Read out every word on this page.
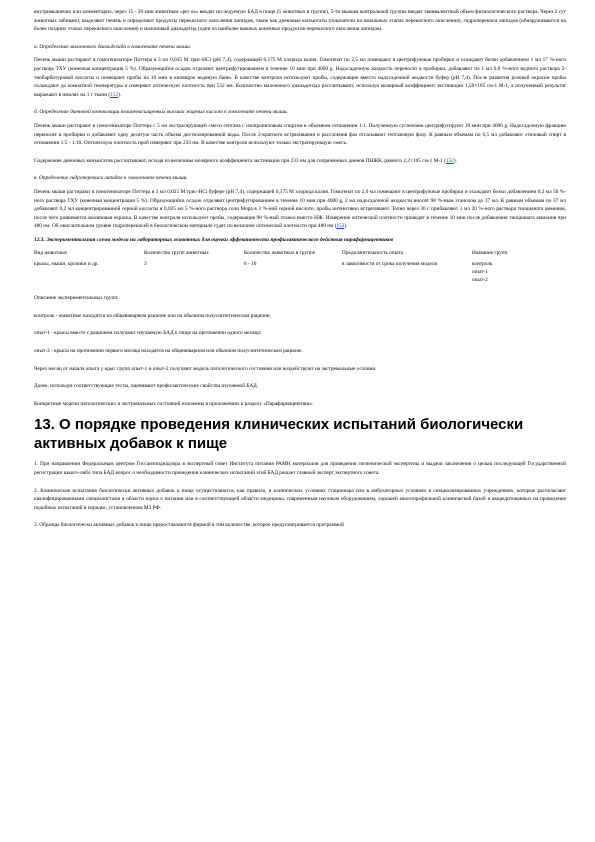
внутримышечно или алиментарно, через 15 - 20 мин животным «per os» вводят исследуемую БАД в пище (5 животных в группе), 5-ти мышам контрольной группы вводят эквивалентный объем физиологического раствора. Через 2 сут животных забивают, выделяют печень и определяют продукты перекисного окисления липидов, такие как диеновые конъюгаты (показатели на начальных этапах перекисного окисления), гидроперекиси липидов (обнаруживаются на более поздних этапах перекисного окисления) и малоновый диальдегид (один из наиболее важных конечных продуктов перекисного окисления липидов).

а. Определение малонового диальдегида в гомогенате печени мыши.

Печень мыши растирают в гомогенизаторе Поттера в 3 мл 0,025 М трис-HCl (pH 7,4), содержащей 0,175 М хлорида калия. Гомогенат по 2,5 мл помещают в центрифужные пробирки и осаждают белки добавлением 1 мл 17 %-ного раствора ТХУ (конечная концентрация 5 %). Образующийся осадок отделяют центрифугированием в течение 10 мин при 4000 g. Надосадочную жидкость переносят в пробирки, добавляют по 1 мл 0,8 %-ного водного раствора 2-тиобарбитуровой кислоты и помещают пробы на 10 мин в кипящую водяную баню. В качестве контроля используют пробы, содержащие вместо надосадочной жидкости буфер (pH 7,4). После развития розовой окраски пробы охлаждают до комнатной температуры и измеряют оптическую плотность при 532 нм. Количество малонового диальдегида рассчитывают, используя молярный коэффициент экстинкции 1,56×105 см-1 М-1, а полученный результат выражают в нмолях на 1 г ткани (152).

б. Определение диеновой конъюгации полиненасыщенных высших жирных кислот в гомогенате печени мыши.

Печень мыши растирают в гомогенизаторе Поттера с 5 мл экстрагирующей смеси гептана с изопропиловым спиртом в объемном отношении 1:1. Полученную суспензию центрифугируют 10 мин при 4000 g. Надосадочную фракцию переносят в пробирки и добавляют одну десятую часть объема дистиллированной воды. После 2-кратного встряхивания и расслоения фаз отсасывают гептановую фазу. К равным объемам по 0,5 мл добавляют этиловый спирт в отношении 1:5 - 1:10. Оптическую плотность проб измеряют при 233 нм. В качестве контроля используют только экстрагирующую смесь.

Содержание диеновых конъюгатов рассчитывают, исходя из величины молярного коэффициента экстинкции при 233 нм для сопряженных диенов ПНЖК, равного 2,2×105 см-1 М-1 (152).

в. Определение гидроперекиси липидов в гомогенате печени мыши.

Печень мыши растирают в гомогенизаторе Поттера в 3 мл 0,025 М трис-HCl буфере (pH 7,4), содержащей 0,175 М хлорида калия. Гомогенат по 2,0 мл помещают в центрифужные пробирки и осаждают белки добавлением 0,2 мл 50 %-ного раствора ТХУ (конечная концентрация 5 %). Образующийся осадок отделяют центрифугированием в течение 10 мин при 4000 g, 2 мл надосадочной жидкости вносят 98 %-ным этанолом до 37 мл. К равным объемам по 37 мл добавляют 0,2 мл концентрированной серной кислоты и 0,025 мл 5 %-ного раствора соли Мора в 3 %-ной серной кислоте, пробы интенсивно встряхивают. Точно через 30 с прибавляют 1 мл 20 %-ного раствора тиоцианата аммония, после чего развивается малиновая окраска. В качестве контроля используют пробы, содержащие 98 %-ный этанол вместо НЖ. Измерение оптической плотности проводят в течение 10 мин после добавления тиоцианата аммония при 480 нм. Об окислительном уровне гидроперекисей в биологическом материале судят по величине оптической плотности при 480 нм (152).

12.3. Экспериментальная схема модели на лабораторных животных для оценки эффективности профилактического действия парафармацевтиков

Вид животных	Количество групп животных	Количество животных в группе	Продолжительность опыта	Название групп
крысы, мыши, кролики и др.	3	8 - 10	в зависимости от срока получения модели	контроль
опыт-1
опыт-2

Описание экспериментальных групп:

контроль - животные находятся на общевиварном рационе или на обычном полусинтетическом рационе;

опыт-1 - крысы вместе с рационом получают изучаемую БАД к пище на протяжении одного месяца;

опыт-2 - крысы на протяжении первого месяца находятся на общевиварном или обычном полусинтетическом рационе.

Через месяц от начала опыта у крыс групп опыт-1 и опыт-2 получают модель патологического состояния или воздействуют на экстремальные условия.

Далее, используя соответствующие тесты, оценивают профилактические свойства изучаемой БАД.

Конкретные модели патологических и экстремальных состояний изложены в приложениях к разделу «Парафармацевтики».

13. О порядке проведения клинических испытаний биологически активных добавок к пище

1. При направлении Федеральным центром Госсанэпиднадзора в экспертный совет Института питания РАМН материалов для проведения гигиенической экспертизы и выдачи заключения о целью последующей Государственной регистрации какого-либо типа БАД вопрос о необходимости проведения клинических испытаний этой БАД решает главный эксперт экспертного совета.

2. Клинические испытания биологически активных добавок к пище осуществляются, как правило, в клинических условиях стационара или в амбулаторных условиях в специализированных учреждениях, которые располагают квалифицированными специалистами в области науки о питании или в соответствующей области медицины, современным научным оборудованием, хорошей многопрофильной клинической базой и аккредитованных на проведение подобных испытаний в порядке, установленном МЗ РФ.

3. Образцы биологически активных добавок к пище предоставляются фирмой в том количестве, которое предусматривается программой
